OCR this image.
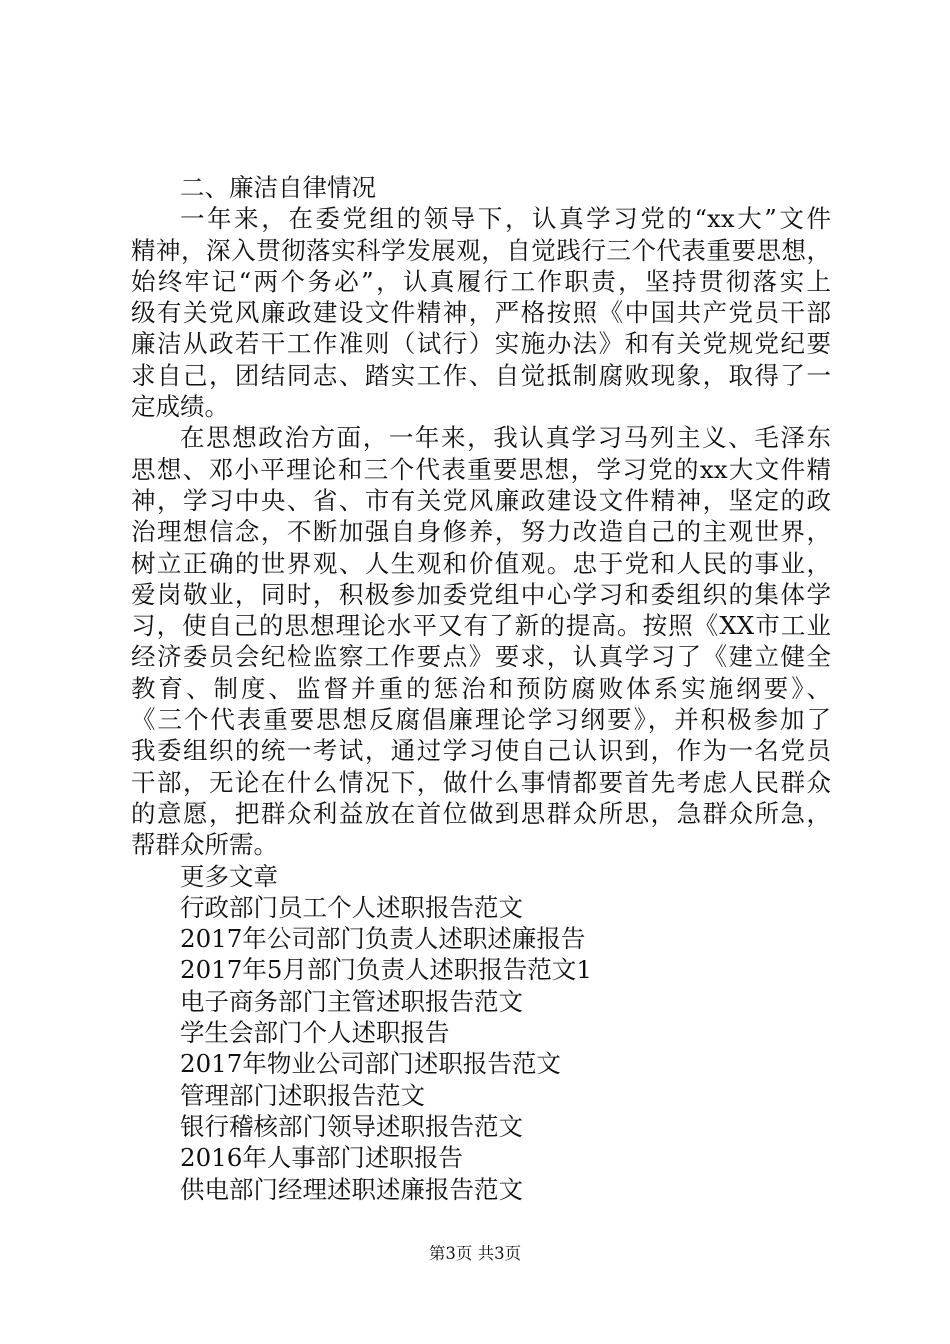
二、廉洁自律情况
一年来，在委党组的领导下，认真学习党的“xx大”文件
精神，深入贯彻落实科学发展观，自觉践行三个代表重要思想，
始终牢记“两个务必”，认真履行工作职责，坚持贯彻落实上
级有关党风廉政建设文件精神，严格按照《中国共产党员干部
廉洁从政若干工作准则（试行）实施办法》和有关党规党纪要
求自己，团结同志、踏实工作、自觉抵制腐败现象，取得了一
定成绩。
在思想政治方面，一年来，我认真学习马列主义、毛泽东
思想、邓小平理论和三个代表重要思想，学习党的xx大文件精
神，学习中央、省、市有关党风廉政建设文件精神，坚定的政
治理想信念，不断加强自身修养，努力改造自己的主观世界，
树立正确的世界观、人生观和价值观。忠于党和人民的事业，
爱岗敬业，同时，积极参加委党组中心学习和委组织的集体学
习，使自己的思想理论水平又有了新的提高。按照《XX市工业
经济委员会纪检监察工作要点》要求，认真学习了《建立健全
教育、制度、监督并重的惩治和预防腐败体系实施纲要》、
《三个代表重要思想反腐倡廉理论学习纲要》，并积极参加了
我委组织的统一考试，通过学习使自己认识到，作为一名党员
干部，无论在什么情况下，做什么事情都要首先考虑人民群众
的意愿，把群众利益放在首位做到思群众所思，急群众所急，
帮群众所需。
更多文章
行政部门员工个人述职报告范文
2017年公司部门负责人述职述廉报告
2017年5月部门负责人述职报告范文1
电子商务部门主管述职报告范文
学生会部门个人述职报告
2017年物业公司部门述职报告范文
管理部门述职报告范文
银行稽核部门领导述职报告范文
2016年人事部门述职报告
供电部门经理述职述廉报告范文
第3页 共3页
